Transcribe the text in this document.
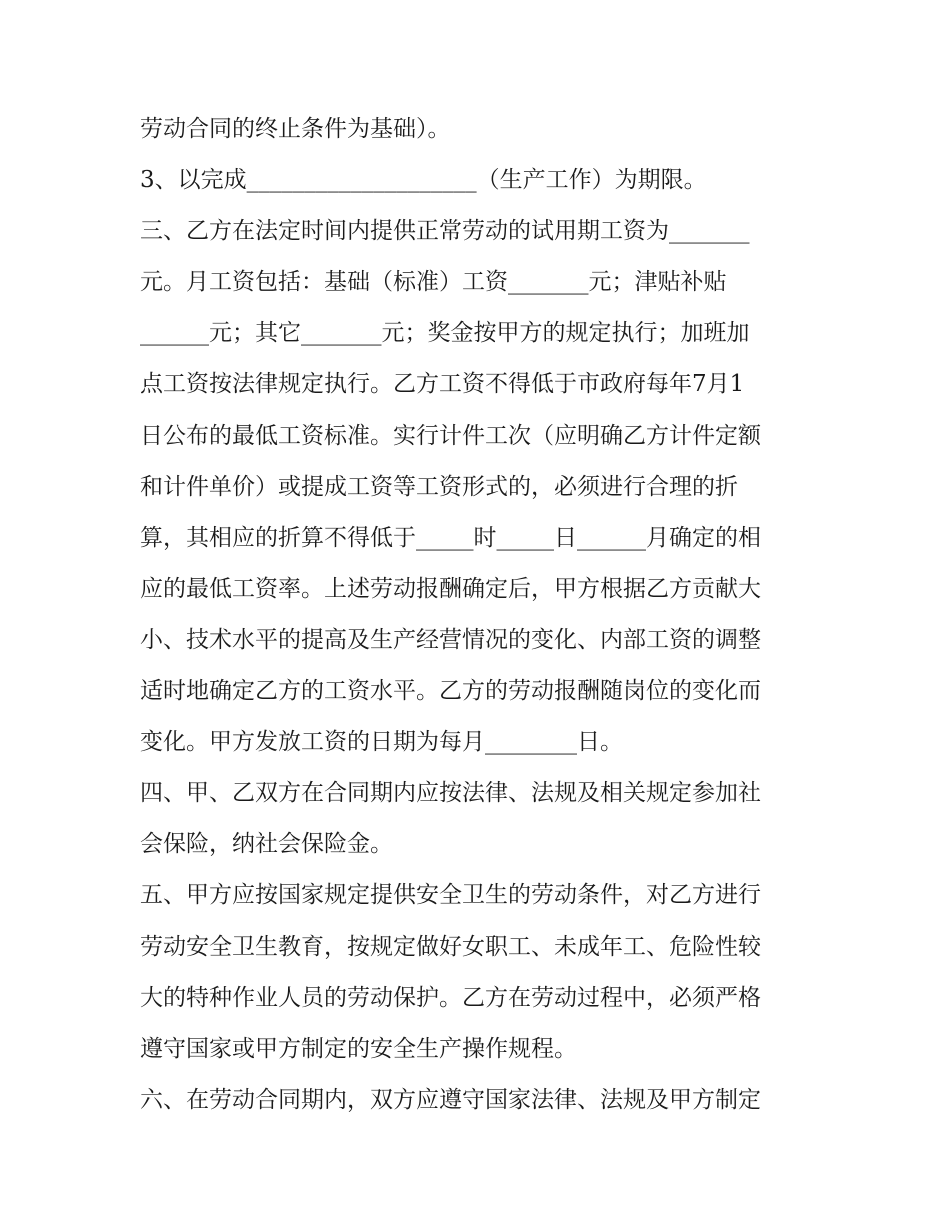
劳动合同的终止条件为基础）。
3、以完成____________________（生产工作）为期限。
三、乙方在法定时间内提供正常劳动的试用期工资为_______
元。月工资包括：基础（标准）工资_______元；津贴补贴
______元；其它_______元；奖金按甲方的规定执行；加班加
点工资按法律规定执行。乙方工资不得低于市政府每年7月1
日公布的最低工资标准。实行计件工次（应明确乙方计件定额
和计件单价）或提成工资等工资形式的，必须进行合理的折
算，其相应的折算不得低于_____时_____日______月确定的相
应的最低工资率。上述劳动报酬确定后，甲方根据乙方贡献大
小、技术水平的提高及生产经营情况的变化、内部工资的调整
适时地确定乙方的工资水平。乙方的劳动报酬随岗位的变化而
变化。甲方发放工资的日期为每月________日。
四、甲、乙双方在合同期内应按法律、法规及相关规定参加社
会保险，纳社会保险金。
五、甲方应按国家规定提供安全卫生的劳动条件，对乙方进行
劳动安全卫生教育，按规定做好女职工、未成年工、危险性较
大的特种作业人员的劳动保护。乙方在劳动过程中，必须严格
遵守国家或甲方制定的安全生产操作规程。
六、在劳动合同期内，双方应遵守国家法律、法规及甲方制定
